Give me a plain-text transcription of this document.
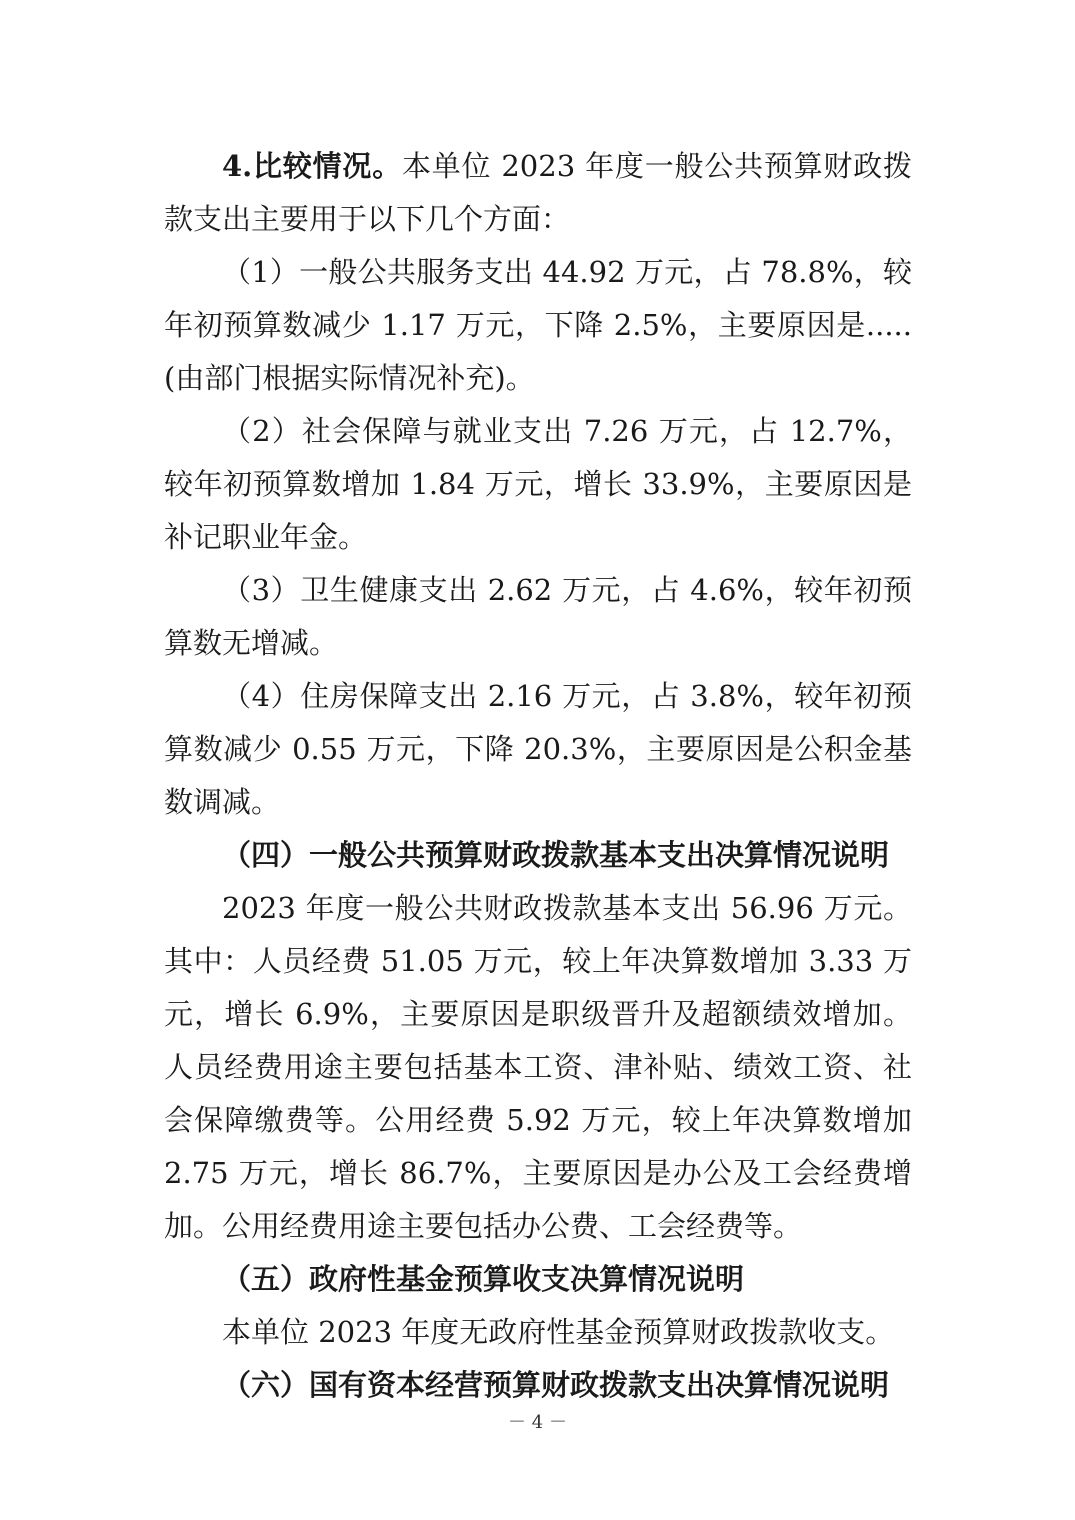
4.比较情况。本单位 2023 年度一般公共预算财政拨款支出主要用于以下几个方面：

（1）一般公共服务支出 44.92 万元，占 78.8%，较年初预算数减少 1.17 万元，下降 2.5%，主要原因是..... (由部门根据实际情况补充)。

（2）社会保障与就业支出 7.26 万元，占 12.7%，较年初预算数增加 1.84 万元，增长 33.9%，主要原因是补记职业年金。

（3）卫生健康支出 2.62 万元，占 4.6%，较年初预算数无增减。

（4）住房保障支出 2.16 万元，占 3.8%，较年初预算数减少 0.55 万元，下降 20.3%，主要原因是公积金基数调减。

（四）一般公共预算财政拨款基本支出决算情况说明

2023 年度一般公共财政拨款基本支出 56.96 万元。其中：人员经费 51.05 万元，较上年决算数增加 3.33 万元，增长 6.9%，主要原因是职级晋升及超额绩效增加。人员经费用途主要包括基本工资、津补贴、绩效工资、社会保障缴费等。公用经费 5.92 万元，较上年决算数增加 2.75 万元，增长 86.7%，主要原因是办公及工会经费增加。公用经费用途主要包括办公费、工会经费等。

（五）政府性基金预算收支决算情况说明

本单位 2023 年度无政府性基金预算财政拨款收支。

（六）国有资本经营预算财政拨款支出决算情况说明

－ 4 －
